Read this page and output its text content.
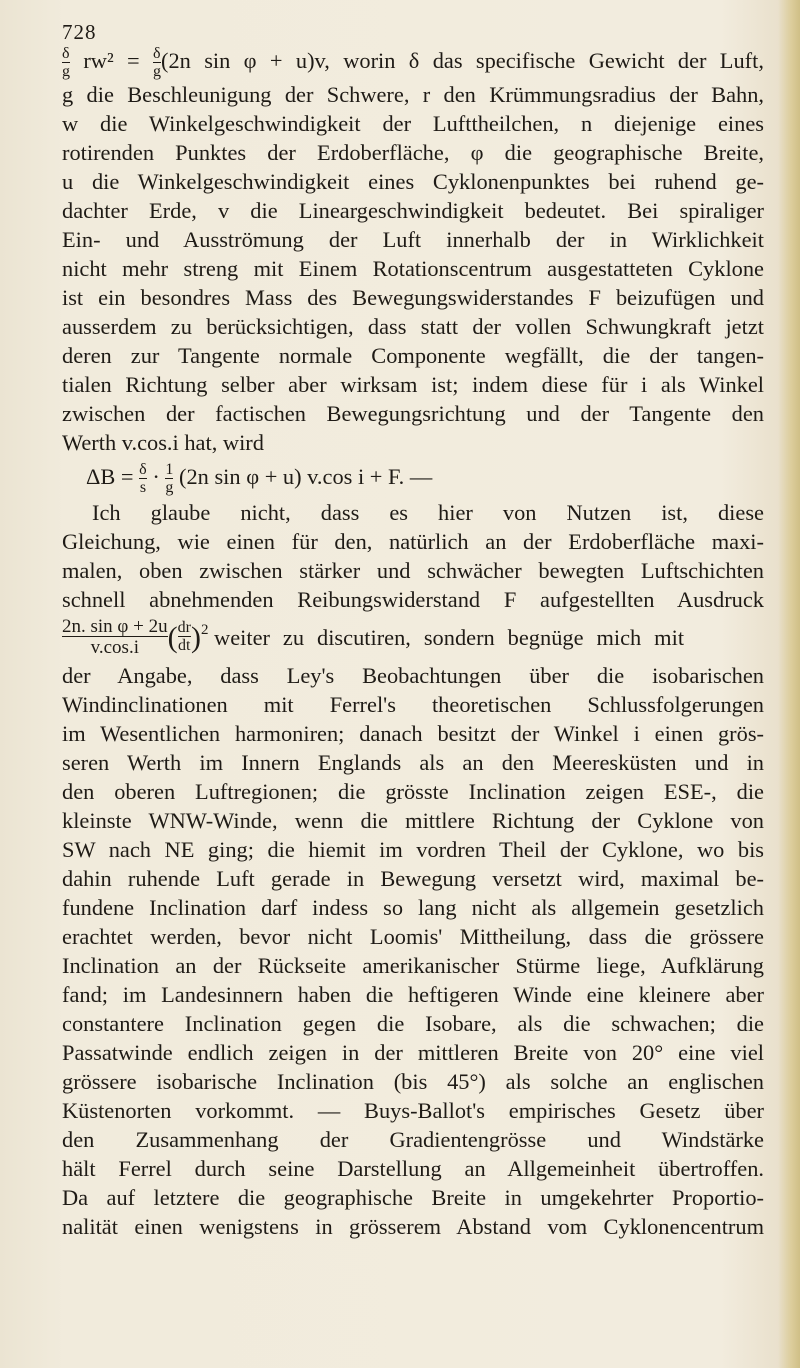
728
$\frac{\delta}{g} rw^2 = \frac{\delta}{g} (2n$ sin φ + u)v, worin δ das specifische Gewicht der Luft,
g die Beschleunigung der Schwere, r den Krümmungsradius der Bahn,
w die Winkelgeschwindigkeit der Lufttheilchen, n diejenige eines
rotirenden Punktes der Erdoberfläche, φ die geographische Breite,
u die Winkelgeschwindigkeit eines Cyklonenpunktes bei ruhend ge-
dachter Erde, v die Lineargeschwindigkeit bedeutet. Bei spiraliger
Ein- und Ausströmung der Luft innerhalb der in Wirklichkeit
nicht mehr streng mit Einem Rotationscentrum ausgestatteten Cyklone
ist ein besondres Mass des Bewegungswiderstandes F beizufügen und
ausserdem zu berücksichtigen, dass statt der vollen Schwungkraft jetzt
deren zur Tangente normale Componente wegfällt, die der tangen-
tialen Richtung selber aber wirksam ist; indem diese für i als Winkel
zwischen der factischen Bewegungsrichtung und der Tangente den
Werth v.cos.i hat, wird
$\Delta B = \frac{\delta}{s} \cdot \frac{1}{g} (2n$ sin φ + u) v.cos i + F. —
Ich glaube nicht, dass es hier von Nutzen ist, diese
Gleichung, wie einen für den, natürlich an der Erdoberfläche maxi-
malen, oben zwischen stärker und schwächer bewegten Luftschichten
schnell abnehmenden Reibungswiderstand F aufgestellten Ausdruck
$\frac{\text{2n. sin φ + 2u}}{v.\cos.i}$ ( $\frac{dr}{dt} )^2$ weiter zu discutiren, sondern begnüge mich mit
der Angabe, dass Ley's Beobachtungen über die isobarischen
Windinclinationen mit Ferrel's theoretischen Schlussfolgerungen
im Wesentlichen harmoniren; danach besitzt der Winkel i einen grös-
seren Werth im Innern Englands als an den Meeresküsten und in
den oberen Luftregionen; die grösste Inclination zeigen ESE-, die
kleinste WNW-Winde, wenn die mittlere Richtung der Cyklone von
SW nach NE ging; die hiemit im vordren Theil der Cyklone, wo bis
dahin ruhende Luft gerade in Bewegung versetzt wird, maximal be-
fundene Inclination darf indess so lang nicht als allgemein gesetzlich
erachtet werden, bevor nicht Loomis' Mittheilung, dass die grössere
Inclination an der Rückseite amerikanischer Stürme liege, Aufklärung
fand; im Landesinnern haben die heftigeren Winde eine kleinere aber
constantere Inclination gegen die Isobare, als die schwachen; die
Passatwinde endlich zeigen in der mittleren Breite von 20° eine viel
grössere isobarische Inclination (bis 45°) als solche an englischen
Küstenorten vorkommt. — Buys-Ballot's empirisches Gesetz über
den Zusammenhang der Gradientengrösse und Windstärke
hält Ferrel durch seine Darstellung an Allgemeinheit übertroffen.
Da auf letztere die geographische Breite in umgekehrter Proportio-
nalität einen wenigstens in grösserem Abstand vom Cyklonencentrum
